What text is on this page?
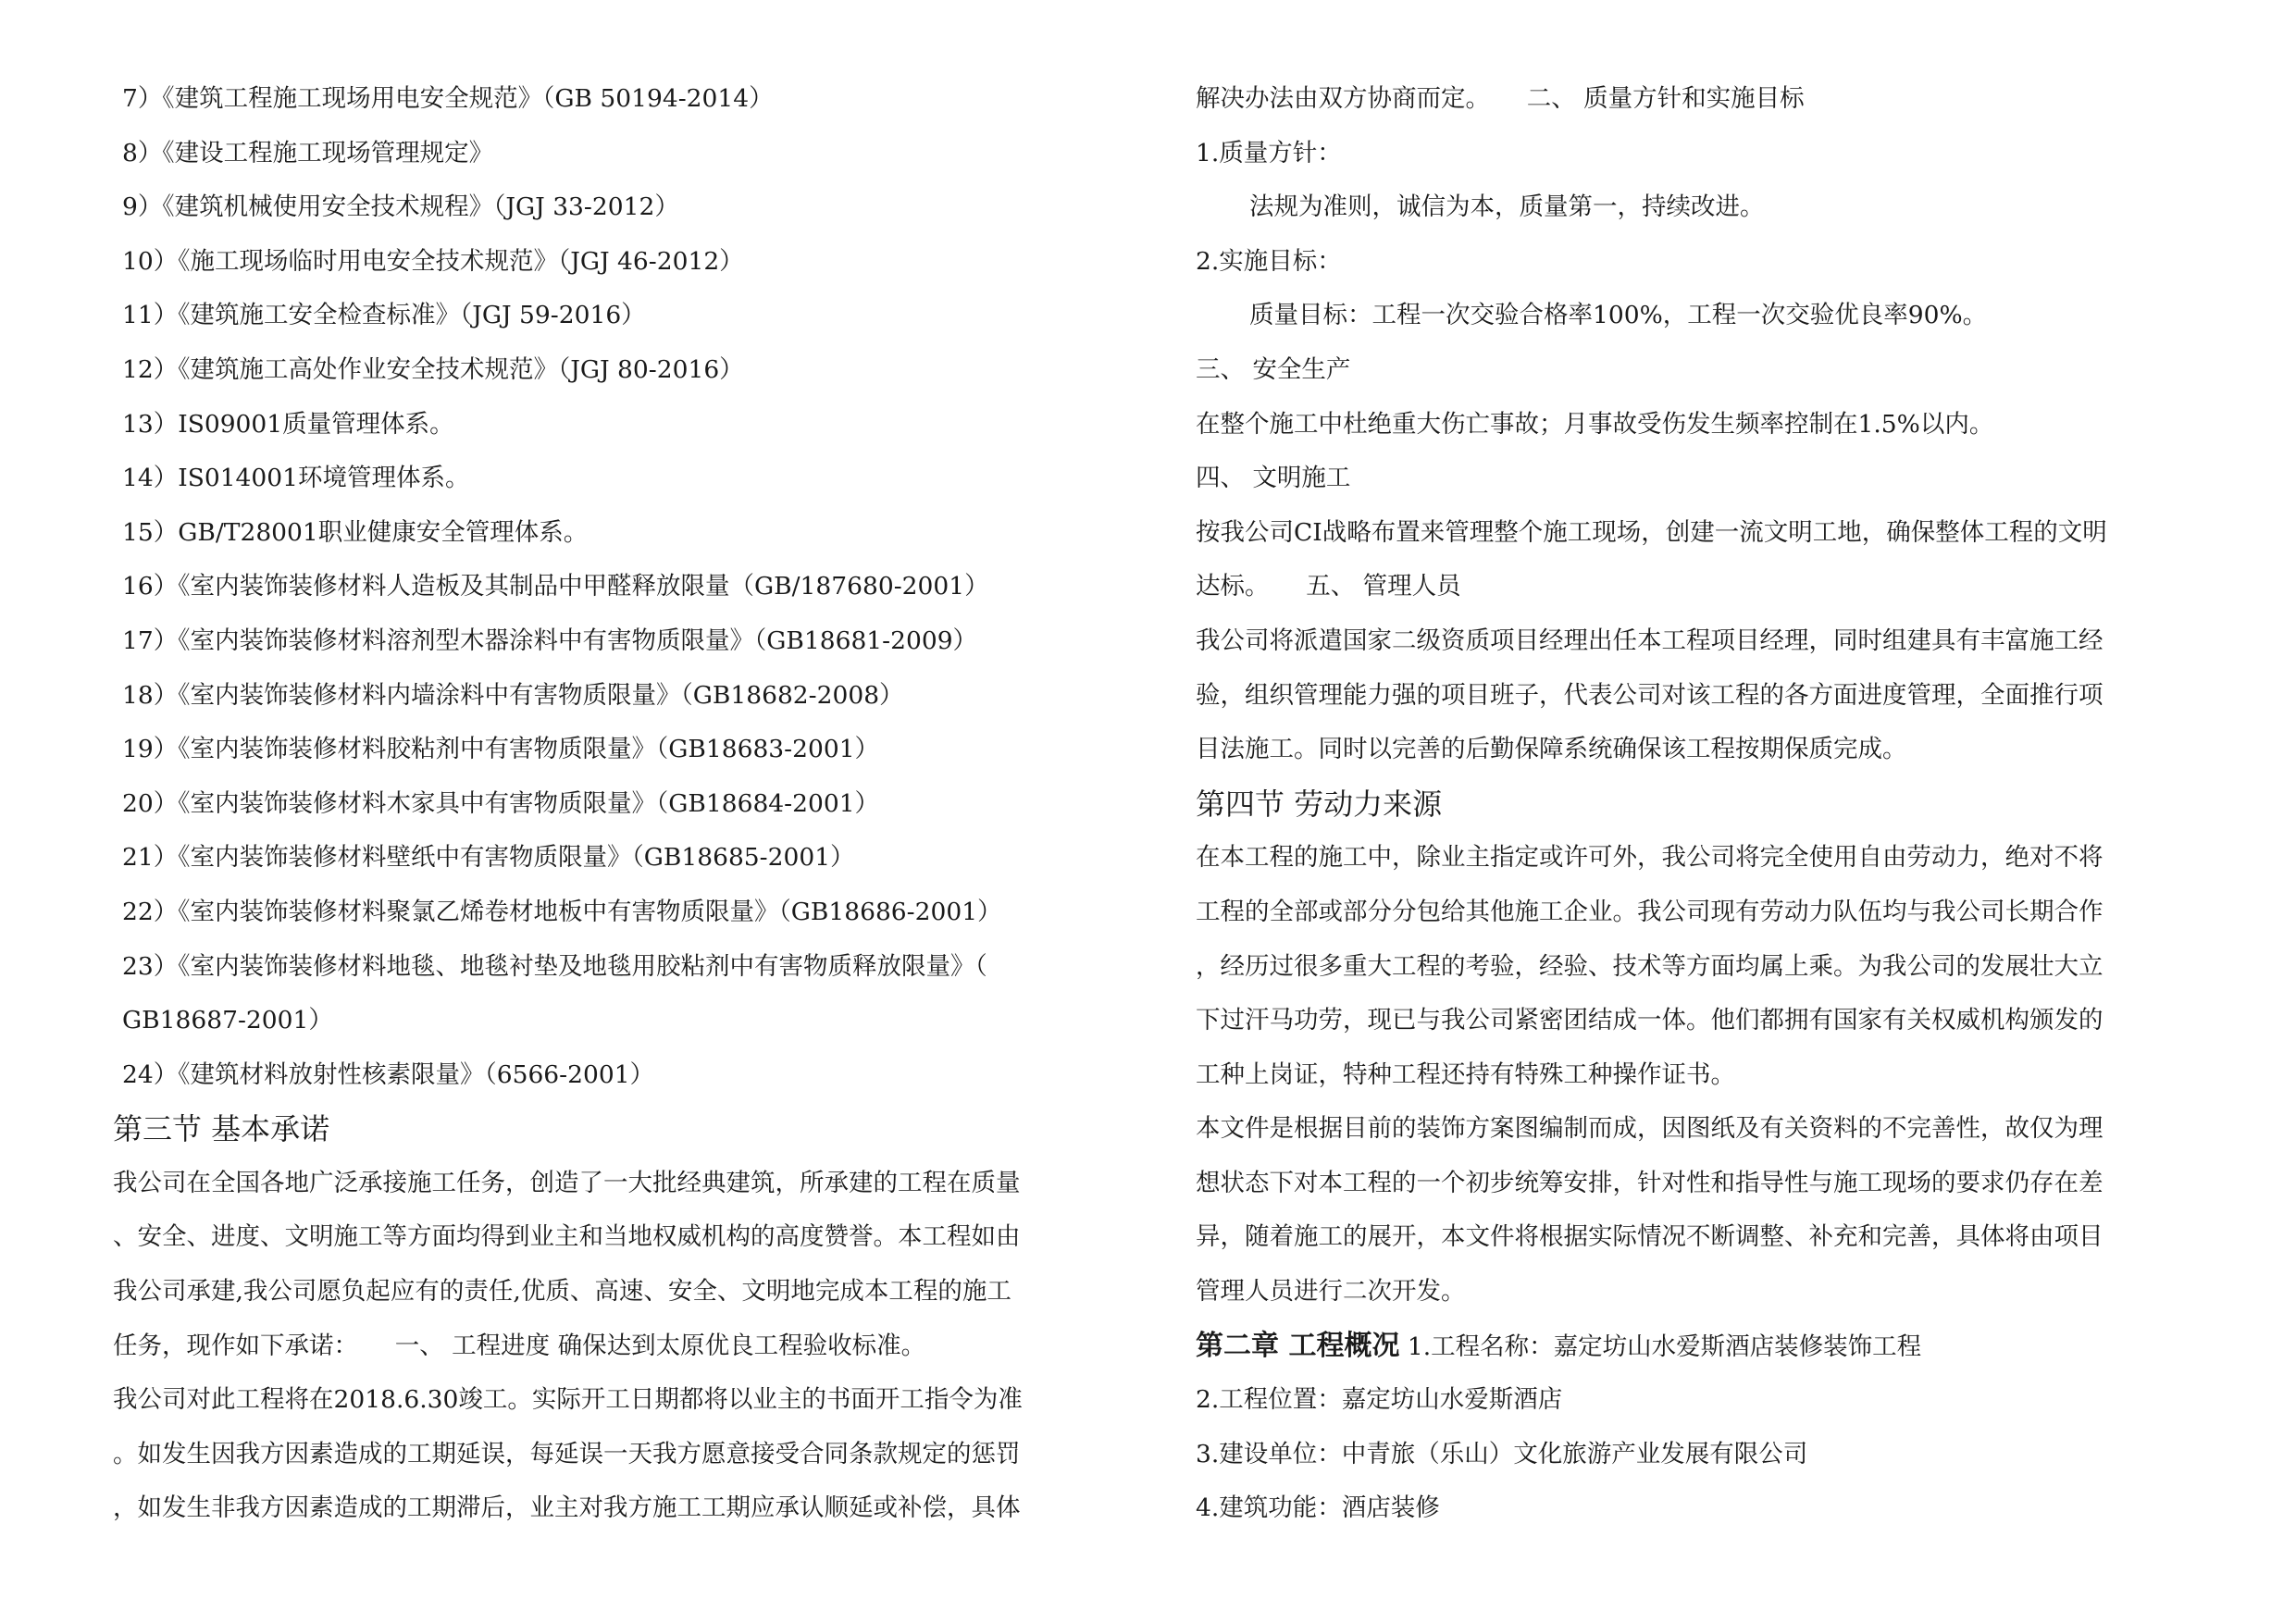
7）《建筑工程施工现场用电安全规范》（GB 50194-2014）
8）《建设工程施工现场管理规定》
9）《建筑机械使用安全技术规程》（JGJ 33-2012）
10）《施工现场临时用电安全技术规范》（JGJ 46-2012）
11）《建筑施工安全检查标准》（JGJ 59-2016）
12）《建筑施工高处作业安全技术规范》（JGJ 80-2016）
13）IS09001质量管理体系。
14）IS014001环境管理体系。
15）GB/T28001职业健康安全管理体系。
16）《室内装饰装修材料人造板及其制品中甲醛释放限量（GB/187680-2001）
17）《室内装饰装修材料溶剂型木器涂料中有害物质限量》（GB18681-2009）
18）《室内装饰装修材料内墙涂料中有害物质限量》（GB18682-2008）
19）《室内装饰装修材料胶粘剂中有害物质限量》（GB18683-2001）
20）《室内装饰装修材料木家具中有害物质限量》（GB18684-2001）
21）《室内装饰装修材料壁纸中有害物质限量》（GB18685-2001）
22）《室内装饰装修材料聚氯乙烯卷材地板中有害物质限量》（GB18686-2001）
23）《室内装饰装修材料地毯、地毯衬垫及地毯用胶粘剂中有害物质释放限量》（
GB18687-2001）
24）《建筑材料放射性核素限量》（6566-2001）
第三节 基本承诺
我公司在全国各地广泛承接施工任务，创造了一大批经典建筑，所承建的工程在质量
、安全、进度、文明施工等方面均得到业主和当地权威机构的高度赞誉。本工程如由
我公司承建,我公司愿负起应有的责任,优质、高速、安全、文明地完成本工程的施工
任务，现作如下承诺：　　一、 工程进度 确保达到太原优良工程验收标准。
我公司对此工程将在2018.6.30竣工。实际开工日期都将以业主的书面开工指令为准
。如发生因我方因素造成的工期延误，每延误一天我方愿意接受合同条款规定的惩罚
，如发生非我方因素造成的工期滞后，业主对我方施工工期应承认顺延或补偿，具体
解决办法由双方协商而定。　　二、 质量方针和实施目标
1.质量方针：
法规为准则，诚信为本，质量第一，持续改进。
2.实施目标：
质量目标：工程一次交验合格率100%，工程一次交验优良率90%。
三、 安全生产
在整个施工中杜绝重大伤亡事故；月事故受伤发生频率控制在1.5%以内。
四、 文明施工
按我公司CI战略布置来管理整个施工现场，创建一流文明工地，确保整体工程的文明
达标。　　五、 管理人员
我公司将派遣国家二级资质项目经理出任本工程项目经理，同时组建具有丰富施工经
验，组织管理能力强的项目班子，代表公司对该工程的各方面进度管理，全面推行项
目法施工。同时以完善的后勤保障系统确保该工程按期保质完成。
第四节 劳动力来源
在本工程的施工中，除业主指定或许可外，我公司将完全使用自由劳动力，绝对不将
工程的全部或部分分包给其他施工企业。我公司现有劳动力队伍均与我公司长期合作
，经历过很多重大工程的考验，经验、技术等方面均属上乘。为我公司的发展壮大立
下过汗马功劳，现已与我公司紧密团结成一体。他们都拥有国家有关权威机构颁发的
工种上岗证，特种工程还持有特殊工种操作证书。
本文件是根据目前的装饰方案图编制而成，因图纸及有关资料的不完善性，故仅为理
想状态下对本工程的一个初步统筹安排，针对性和指导性与施工现场的要求仍存在差
异，随着施工的展开，本文件将根据实际情况不断调整、补充和完善，具体将由项目
管理人员进行二次开发。
第二章 工程概况 1.工程名称：嘉定坊山水爱斯酒店装修装饰工程
2.工程位置：嘉定坊山水爱斯酒店
3.建设单位：中青旅（乐山）文化旅游产业发展有限公司
4.建筑功能：酒店装修
